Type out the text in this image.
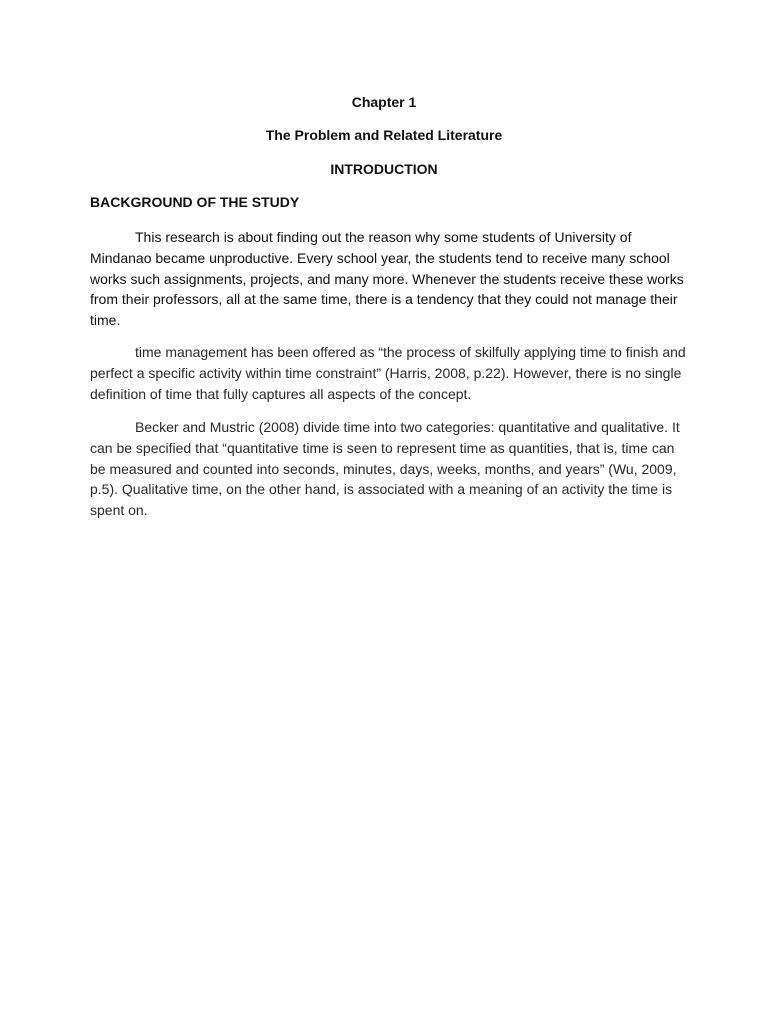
Chapter 1
The Problem and Related Literature
INTRODUCTION
BACKGROUND OF THE STUDY

This research is about finding out the reason why some students of University of Mindanao became unproductive. Every school year, the students tend to receive many school works such assignments, projects, and many more. Whenever the students receive these works from their professors, all at the same time, there is a tendency that they could not manage their time.

time management has been offered as “the process of skilfully applying time to finish and perfect a specific activity within time constraint” (Harris, 2008, p.22). However, there is no single definition of time that fully captures all aspects of the concept.

Becker and Mustric (2008) divide time into two categories: quantitative and qualitative. It can be specified that “quantitative time is seen to represent time as quantities, that is, time can be measured and counted into seconds, minutes, days, weeks, months, and years” (Wu, 2009, p.5). Qualitative time, on the other hand, is associated with a meaning of an activity the time is spent on.
